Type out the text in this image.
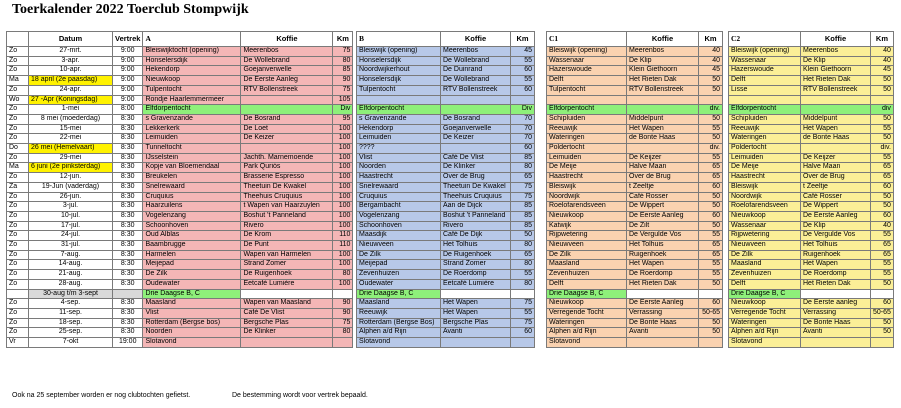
Toerkalender 2022 Toerclub Stompwijk
	Datum	Vertrek	A	Koffie	Km
Zo	27-mrt.	9:00	Bleiswijktocht (opening)	Meerenbos	75
Zo	3-apr.	9:00	Honselersdijk	De Wollebrand	80
Zo	10-apr.	9:00	Hekendorp	Goejanverwelle	85
Ma	18 april (2e paasdag)	9:00	Nieuwkoop	De Eerste Aanleg	90
Zo	24-apr.	9:00	Tulpentocht	RTV Bollenstreek	75
Wo	27 -Apr (Koningsdag)	9:00	Rondje Haarlemmermeer		105
Zo	1-mei	8:00	Elfdorpentocht		Div
Zo	8 mei (moederdag)	8:30	s Gravenzande	De Bosrand	95
Zo	15-mei	8:30	Lekkerkerk	De Loet	100
Zo	22-mei	8:30	Leimuiden	De Keizer	100
Do	26 mei (Hemelvaart)	8:30	Tunneltocht		100
Zo	29-mei	8:30	IJsselstein	Jachth. Marnemoende	100
Ma	6 juni (2e pinksterdag)	8:30	Kopje van Bloemendaal	Park Quriós	100
Zo	12-jun.	8:30	Breukelen	Brasserie Espresso	100
Za	19-Jun (vaderdag)	8:30	Snelrewaard	Theetuin De Kwakel	100
Zo	26-jun.	8:30	Cruquius	Theehuis Cruquius	100
Zo	3-jul.	8:30	Haarzuilens	t Wapen van Haarzuylen	100
Zo	10-jul.	8:30	Vogelenzang	Boshut 't Panneland	100
Zo	17-jul.	8:30	Schoonhoven	Rivero	100
Zo	24-jul.	8:30	Oud Alblas	De Krom	110
Zo	31-jul.	8:30	Baambrugge	De Punt	110
Zo	7-aug.	8:30	Harmelen	Wapen van Harmelen	100
Zo	14-aug.	8:30	Meijepad	Strand Zomer	100
Zo	21-aug.	8:30	De Zilk	De Ruigenhoek	80
Zo	28-aug.	8:30	Oudewater	Eetcafé Lumière	100
	30-aug t/m 3-sept		Drie Daagse B, C		
Zo	4-sep.	8:30	Maasland	Wapen van Maasland	90
Zo	11-sep.	8:30	Vlist	Café De Vlist	90
Zo	18-sep.	8:30	Rotterdam (Bergse bos)	Bergsche Plas	75
Zo	25-sep.	8:30	Noorden	De Klinker	80
Vr	7-okt	19:00	Slotavond		
B	Koffie	Km
Bleiswijk (opening)	Meerenbos	45
Honselersdijk	De Wollebrand	55
Noordwijkerhout	De Duinrand	60
Honselersdijk	De Wollebrand	55
Tulpentocht	RTV Bollenstreek	60

Elfdorpentocht		Div
s Gravenzande	De Bosrand	70
Hekendorp	Goejanverwelle	70
Leimuiden	De Keizer	70
????		60
Vlist	Café De Vlist	85
Noorden	De Klinker	80
Haastrecht	Over de Brug	65
Snelrewaard	Theetuin De Kwakel	75
Cruquius	Theehuis Cruquius	75
Bergambacht	Aan de Dijck	85
Vogelenzang	Boshut 't Panneland	85
Schoonhoven	Rivero	85
Maasdijk	Café De Dijk	50
Nieuwveen	Het Tolhuis	80
De Zilk	De Ruigenhoek	65
Meijepad	Strand Zomer	80
Zevenhuizen	De Roerdomp	55
Oudewater	Eetcafé Lumière	80
Drie Daagse B, C		
Maasland	Het Wapen	75
Reeuwijk	Het Wapen	55
Rotterdam (Bergse Bos)	Bergsche Plas	75
Alphen a/d Rijn	Avanti	60
Slotavond		
C1	Koffie	Km
Bleiswijk (opening)	Meerenbos	40
Wassenaar	De Klip	40
Hazerswoude	Klein Giethoorn	45
Delft	Het Rieten Dak	50
Tulpentocht	RTV Bollenstreek	50

Elfdorpentocht		div.
Schipluiden	Middelpunt	50
Reeuwijk	Het Wapen	55
Wateringen	de Bonte Haas	50
Poldertocht		div.
Leimuiden	De Keijzer	55
De Meije	Halve Maan	65
Haastrecht	Over de Brug	65
Bleiswijk	t Zeeltje	60
Noordwijk	Café Rosser	50
Roelofarendsveen	De Wippert	50
Nieuwkoop	De Eerste Aanleg	60
Katwijk	De Zilt	50
Rijpwetering	De Vergulde Vos	55
Nieuwveen	Het Tolhuis	65
De Zilk	Ruigenhoek	65
Maasland	Het Wapen	55
Zevenhuizen	De Roerdomp	55
Delft	Het Rieten Dak	50
Drie Daagse B, C		
Nieuwkoop	De Eerste Aanleg	60
Verregende Tocht	Verrassing	50-65
Wateringen	De Bonte Haas	50
Alphen a/d Rijn	Avanti	50
Slotavond		
C2	Koffie	Km
Bleiswijk (opening)	Meerenbos	40
Wassenaar	De Klip	40
Hazerswoude	Klein Giethoorn	45
Delft	Het Rieten Dak	50
Lisse	RTV Bollenstreek	50

Elfdorpentocht		div
Schipluiden	Middelpunt	50
Reeuwijk	Het Wapen	55
Wateringen	de Bonte Haas	50
Poldertocht		div.
Leimuiden	De Keijzer	55
De Meije	Halve Maan	65
Haastrecht	Over de Brug	65
Bleiswijk	t Zeeltje	60
Noordwijk	Café Rosser	50
Roelofarendsveen	De Wippert	50
Nieuwkoop	De Eerste Aanleg	60
Wassenaar	De Klip	40
Rijpwetering	De Vergulde Vos	55
Nieuwveen	Het Tolhuis	65
De Zilk	Ruigenhoek	65
Maasland	Het Wapen	55
Zevenhuizen	De Roerdomp	55
Delft	Het Rieten Dak	50
Drie Daagse B, C		
Nieuwkoop	De Eerste aanleg	60
Verregende Tocht	Verrassing	50-65
Wateringen	De Bonte Haas	50
Alphen a/d Rijn	Avanti	50
Slotavond		
Ook na 25 september worden er nog clubtochten gefietst.	De bestemming wordt voor vertrek bepaald.
